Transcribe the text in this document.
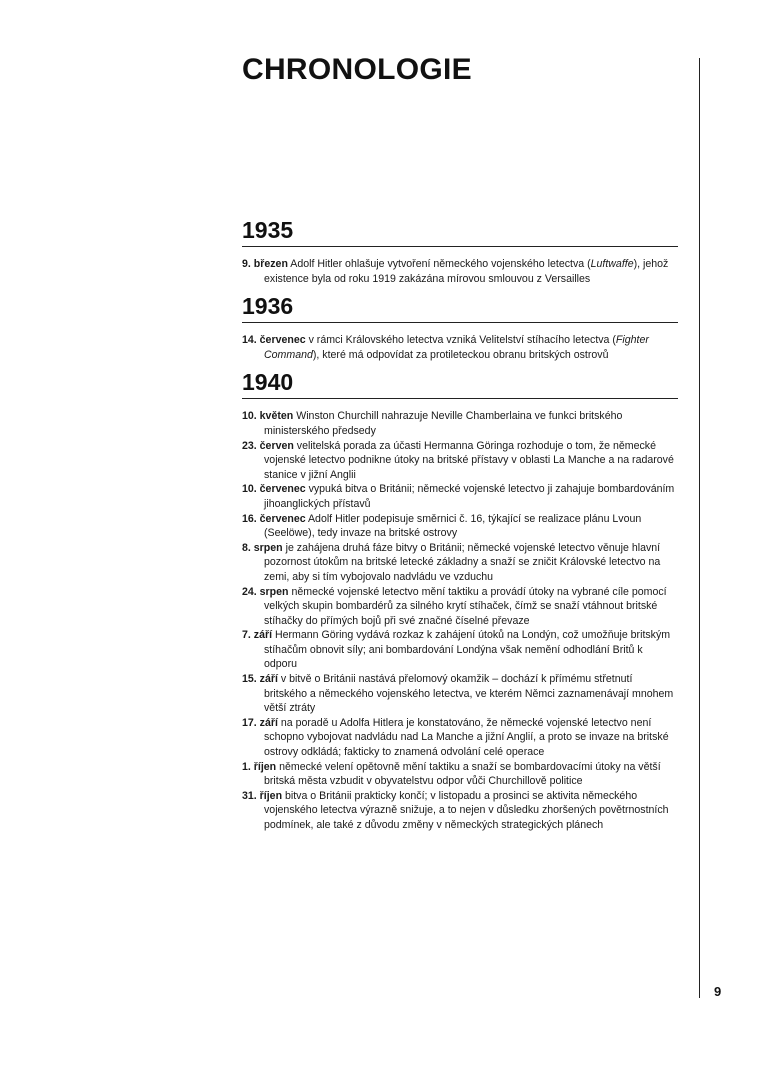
CHRONOLOGIE
9
1935
9. březen Adolf Hitler ohlašuje vytvoření německého vojenského letectva (Luftwaffe), jehož existence byla od roku 1919 zakázána mírovou smlouvou z Versailles
1936
14. červenec v rámci Královského letectva vzniká Velitelství stíhacího letectva (Fighter Command), které má odpovídat za protileteckou obranu britských ostrovů
1940
10. květen Winston Churchill nahrazuje Neville Chamberlaina ve funkci britského ministerského předsedy
23. červen velitelská porada za účasti Hermanna Göringa rozhoduje o tom, že německé vojenské letectvo podnikne útoky na britské přístavy v oblasti La Manche a na radarové stanice v jižní Anglii
10. červenec vypuká bitva o Británii; německé vojenské letectvo ji zahajuje bombardováním jihoanglických přístavů
16. červenec Adolf Hitler podepisuje směrnici č. 16, týkající se realizace plánu Lvoun (Seelöwe), tedy invaze na britské ostrovy
8. srpen je zahájena druhá fáze bitvy o Británii; německé vojenské letectvo věnuje hlavní pozornost útokům na britské letecké základny a snaží se zničit Královské letectvo na zemi, aby si tím vybojovalo nadvládu ve vzduchu
24. srpen německé vojenské letectvo mění taktiku a provádí útoky na vybrané cíle pomocí velkých skupin bombardérů za silného krytí stíhaček, čímž se snaží vtáhnout britské stíhačky do přímých bojů při své značné číselné převaze
7. září Hermann Göring vydává rozkaz k zahájení útoků na Londýn, což umožňuje britským stíhačům obnovit síly; ani bombardování Londýna však nemění odhodlání Britů k odporu
15. září v bitvě o Británii nastává přelomový okamžik – dochází k přímému střetnutí britského a německého vojenského letectva, ve kterém Němci zaznamenávají mnohem větší ztráty
17. září na poradě u Adolfa Hitlera je konstatováno, že německé vojenské letectvo není schopno vybojovat nadvládu nad La Manche a jižní Anglií, a proto se invaze na britské ostrovy odkládá; fakticky to znamená odvolání celé operace
1. říjen německé velení opětovně mění taktiku a snaží se bombardovacími útoky na větší britská města vzbudit v obyvatelstvu odpor vůči Churchillově politice
31. říjen bitva o Británii prakticky končí; v listopadu a prosinci se aktivita německého vojenského letectva výrazně snižuje, a to nejen v důsledku zhoršených povětrnostních podmínek, ale také z důvodu změny v německých strategických plánech
